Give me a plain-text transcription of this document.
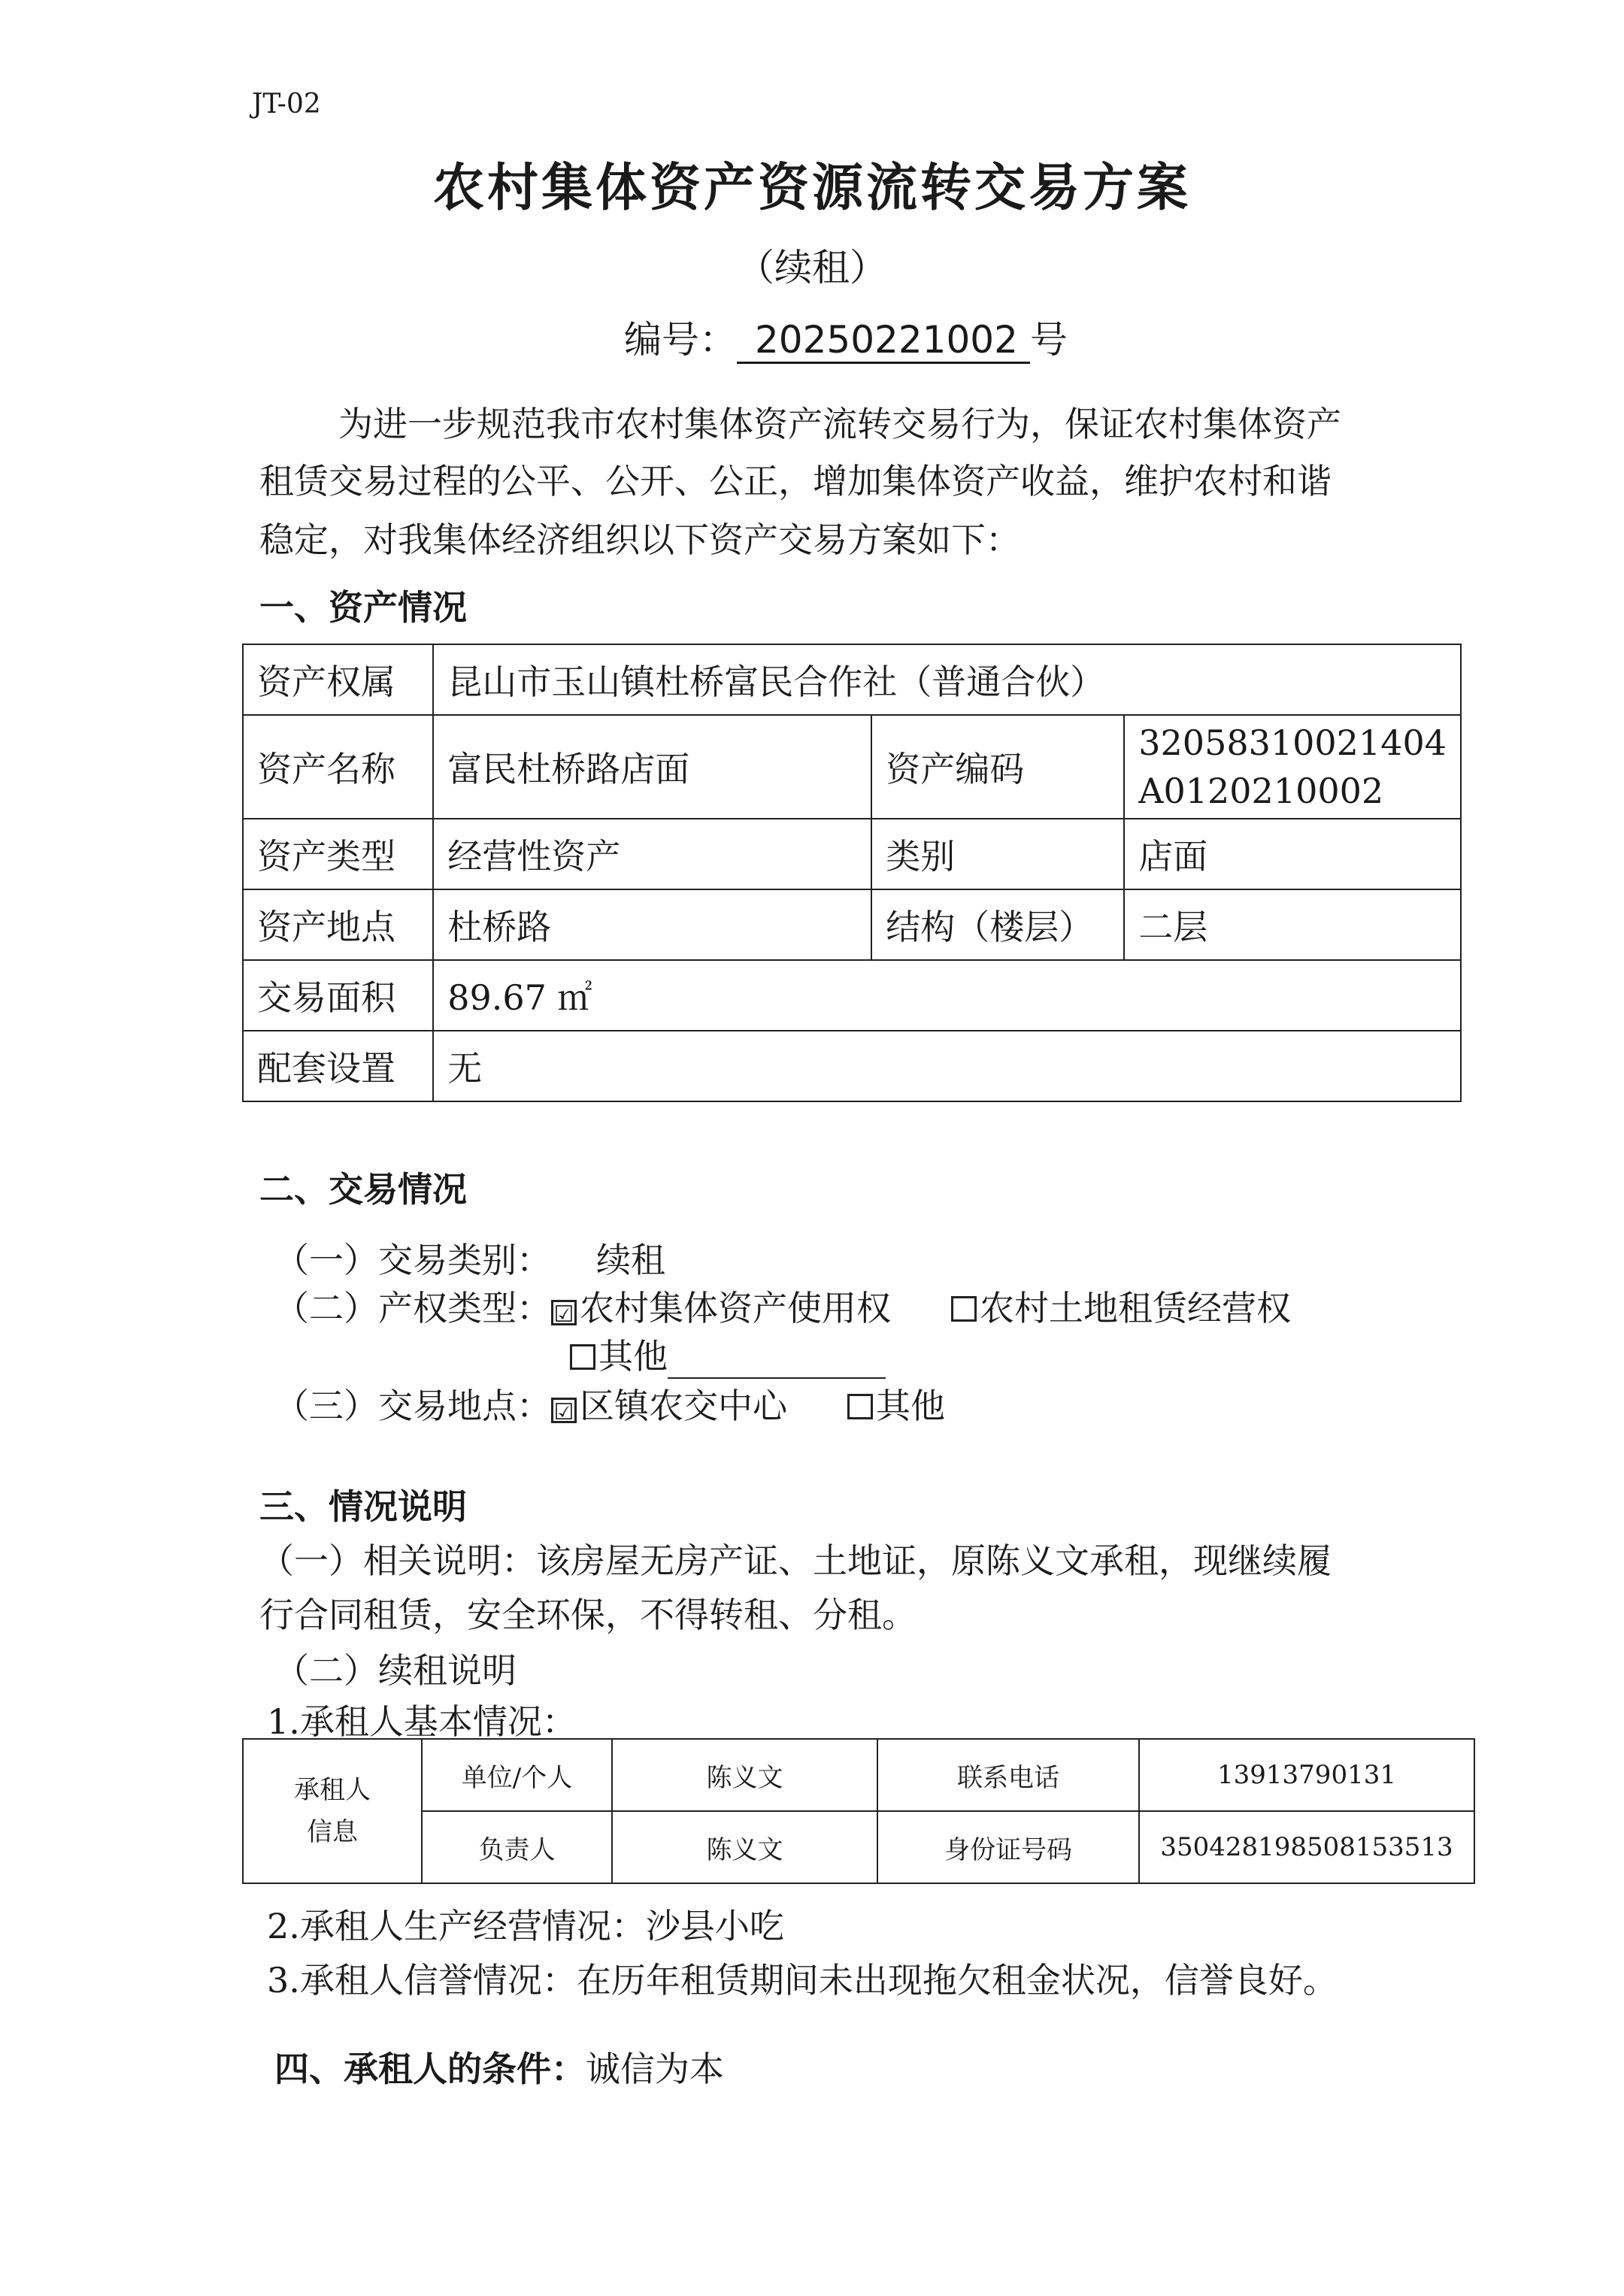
JT-02
农村集体资产资源流转交易方案
（续租）
编号： 20250221002 号
为进一步规范我市农村集体资产流转交易行为，保证农村集体资产
租赁交易过程的公平、公开、公正，增加集体资产收益，维护农村和谐
稳定，对我集体经济组织以下资产交易方案如下：
一、资产情况
资产权属	昆山市玉山镇杜桥富民合作社（普通合伙）		
资产名称	富民杜桥路店面	资产编码	32058310021404
A0120210002

资产类型	经营性资产	类别	店面
资产地点	杜桥路	结构（楼层）	二层
交易面积	89.67 ㎡		
配套设置	无		
二、交易情况
（一）交易类别： 续租
（二）产权类型： ☑ 农村集体资产使用权	农村土地租赁经营权
其他
（三）交易地点： ☑ 区镇农交中心	其他
三、情况说明
（一）相关说明：该房屋无房产证、土地证，原陈义文承租，现继续履
行合同租赁，安全环保，不得转租、分租。
（二）续租说明
1.承租人基本情况：
承租人
信息	单位/个人	陈义文	联系电话	13913790131
	负责人	陈义文	身份证号码	350428198508153513
2.承租人生产经营情况：沙县小吃
3.承租人信誉情况：在历年租赁期间未出现拖欠租金状况，信誉良好。
四、承租人的条件：诚信为本
